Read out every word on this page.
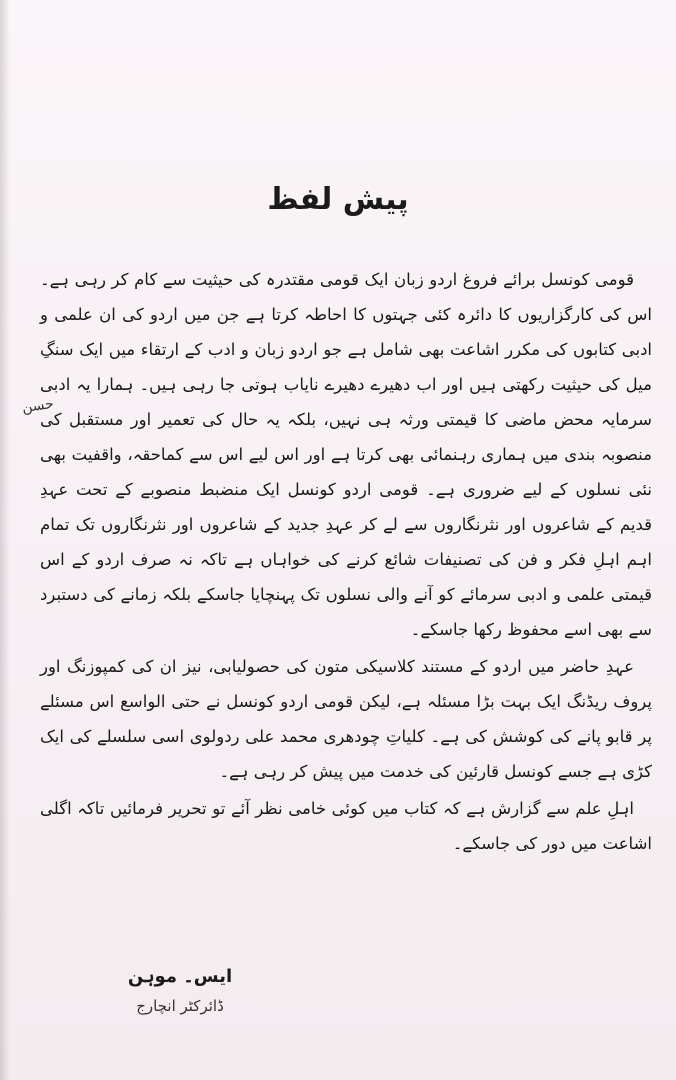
پیش لفظ
حسن

قومی کونسل برائے فروغ اردو زبان ایک قومی مقتدرہ کی حیثیت سے کام کر رہی ہے۔ اس کی کارگزاریوں کا دائرہ کئی جہتوں کا احاطہ کرتا ہے جن میں اردو کی ان علمی و ادبی کتابوں کی مکرر اشاعت بھی شامل ہے جو اردو زبان و ادب کے ارتقاء میں ایک سنگِ میل کی حیثیت رکھتی ہیں اور اب دھیرے دھیرے نایاب ہوتی جا رہی ہیں۔ ہمارا یہ ادبی سرمایہ محض ماضی کا قیمتی ورثہ ہی نہیں، بلکہ یہ حال کی تعمیر اور مستقبل کی منصوبہ بندی میں ہماری رہنمائی بھی کرتا ہے اور اس لیے اس سے کماحقہ، واقفیت بھی نئی نسلوں کے لیے ضروری ہے۔ قومی اردو کونسل ایک منضبط منصوبے کے تحت عہدِ قدیم کے شاعروں اور نثرنگاروں سے لے کر عہدِ جدید کے شاعروں اور نثرنگاروں تک تمام اہم اہلِ فکر و فن کی تصنیفات شائع کرنے کی خواہاں ہے تاکہ نہ صرف اردو کے اس قیمتی علمی و ادبی سرمائے کو آنے والی نسلوں تک پہنچایا جاسکے بلکہ زمانے کی دستبرد سے بھی اسے محفوظ رکھا جاسکے۔

عہدِ حاضر میں اردو کے مستند کلاسیکی متون کی حصولیابی، نیز ان کی کمپوزنگ اور پروف ریڈنگ ایک بہت بڑا مسئلہ ہے، لیکن قومی اردو کونسل نے حتی الواسع اس مسئلے پر قابو پانے کی کوشش کی ہے۔ کلیاتِ چودھری محمد علی ردولوی اسی سلسلے کی ایک کڑی ہے جسے کونسل قارئین کی خدمت میں پیش کر رہی ہے۔

اہلِ علم سے گزارش ہے کہ کتاب میں کوئی خامی نظر آئے تو تحریر فرمائیں تاکہ اگلی اشاعت میں دور کی جاسکے۔

ایس۔ موہن
ڈائرکٹر انچارج
